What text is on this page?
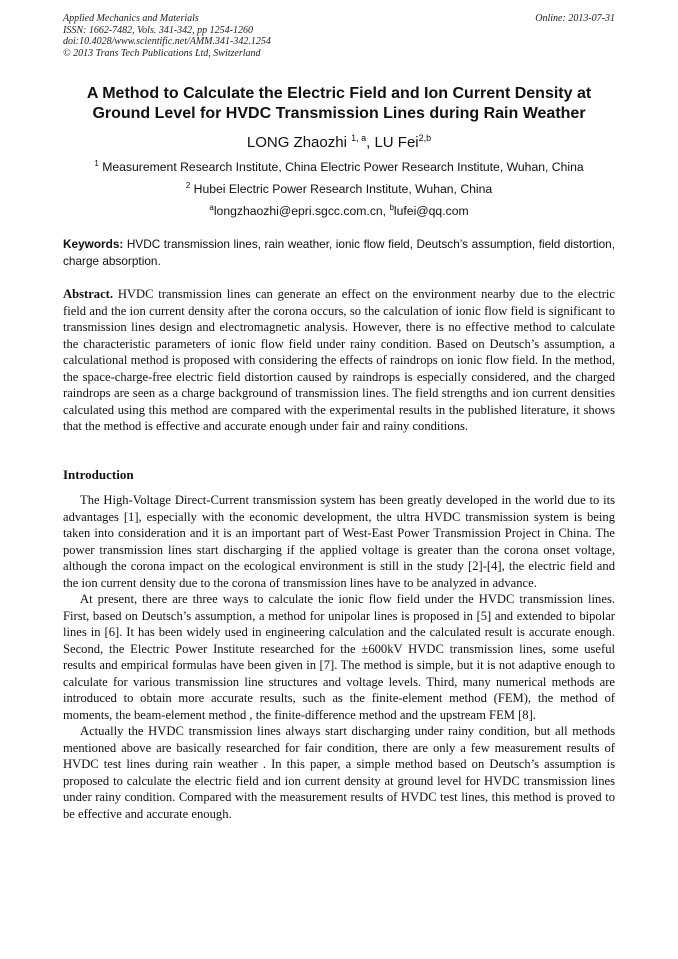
Applied Mechanics and Materials
ISSN: 1662-7482, Vols. 341-342, pp 1254-1260
doi:10.4028/www.scientific.net/AMM.341-342.1254
© 2013 Trans Tech Publications Ltd, Switzerland
Online: 2013-07-31
A Method to Calculate the Electric Field and Ion Current Density at
Ground Level for HVDC Transmission Lines during Rain Weather
LONG Zhaozhi $^{1, a}$, LU Fei$^{2,b}$
$^1$ Measurement Research Institute, China Electric Power Research Institute, Wuhan, China
$^2$ Hubei Electric Power Research Institute, Wuhan, China
$^a$longzhaozhi@epri.sgcc.com.cn, $^b$lufei@qq.com
Keywords: HVDC transmission lines, rain weather, ionic flow field, Deutsch’s assumption, field distortion, charge absorption.
Abstract. HVDC transmission lines can generate an effect on the environment nearby due to the electric field and the ion current density after the corona occurs, so the calculation of ionic flow field is significant to transmission lines design and electromagnetic analysis. However, there is no effective method to calculate the characteristic parameters of ionic flow field under rainy condition. Based on Deutsch’s assumption, a calculational method is proposed with considering the effects of raindrops on ionic flow field. In the method, the space-charge-free electric field distortion caused by raindrops is especially considered, and the charged raindrops are seen as a charge background of transmission lines. The field strengths and ion current densities calculated using this method are compared with the experimental results in the published literature, it shows that the method is effective and accurate enough under fair and rainy conditions.
Introduction

The High-Voltage Direct-Current transmission system has been greatly developed in the world due to its advantages [1], especially with the economic development, the ultra HVDC transmission system is being taken into consideration and it is an important part of West-East Power Transmission Project in China. The power transmission lines start discharging if the applied voltage is greater than the corona onset voltage, although the corona impact on the ecological environment is still in the study [2]-[4], the electric field and the ion current density due to the corona of transmission lines have to be analyzed in advance.

At present, there are three ways to calculate the ionic flow field under the HVDC transmission lines. First, based on Deutsch’s assumption, a method for unipolar lines is proposed in [5] and extended to bipolar lines in [6]. It has been widely used in engineering calculation and the calculated result is accurate enough. Second, the Electric Power Institute researched for the ±600kV HVDC transmission lines, some useful results and empirical formulas have been given in [7]. The method is simple, but it is not adaptive enough to calculate for various transmission line structures and voltage levels. Third, many numerical methods are introduced to obtain more accurate results, such as the finite-element method (FEM), the method of moments, the beam-element method , the finite-difference method and the upstream FEM [8].

Actually the HVDC transmission lines always start discharging under rainy condition, but all methods mentioned above are basically researched for fair condition, there are only a few measurement results of HVDC test lines during rain weather . In this paper, a simple method based on Deutsch’s assumption is proposed to calculate the electric field and ion current density at ground level for HVDC transmission lines under rainy condition. Compared with the measurement results of HVDC test lines, this method is proved to be effective and accurate enough.
